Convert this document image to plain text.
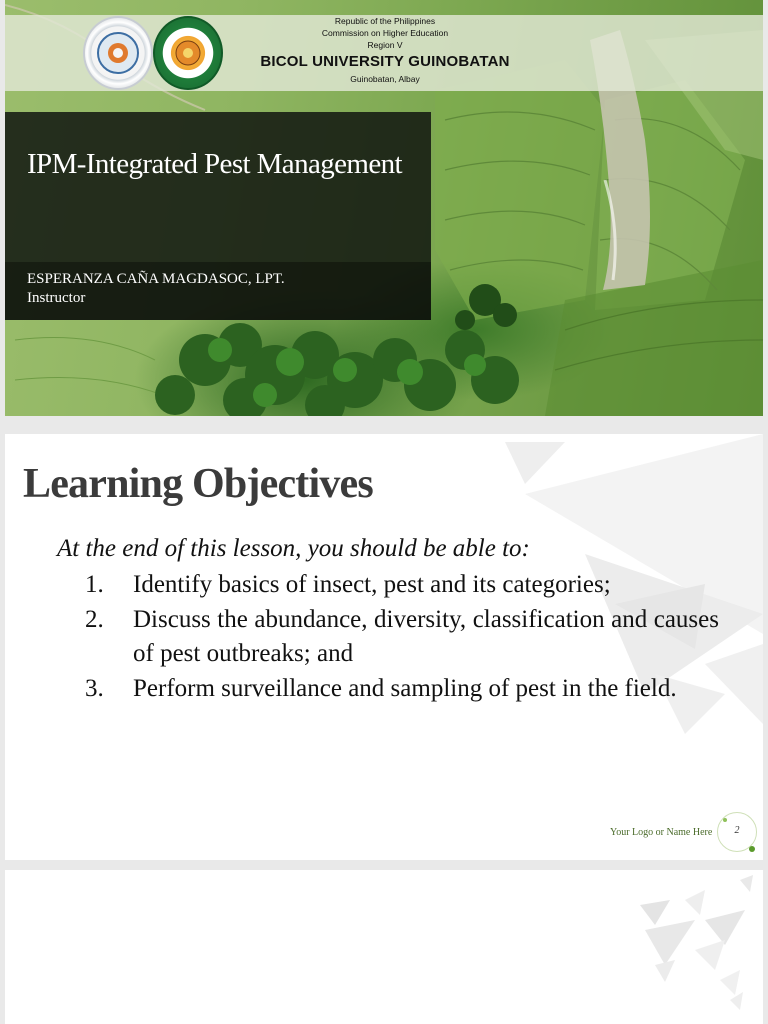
Republic of the Philippines
Commission on Higher Education
Region V
BICOL UNIVERSITY GUINOBATAN
Guinobatan, Albay
IPM-Integrated Pest Management
ESPERANZA CAÑA MAGDASOC, LPT.
Instructor
Learning Objectives
At the end of this lesson, you should be able to:
1. Identify basics of insect, pest and its categories;
2. Discuss the abundance, diversity, classification and causes of pest outbreaks; and
3. Perform surveillance and sampling of pest in the field.
Your Logo or Name Here	2
